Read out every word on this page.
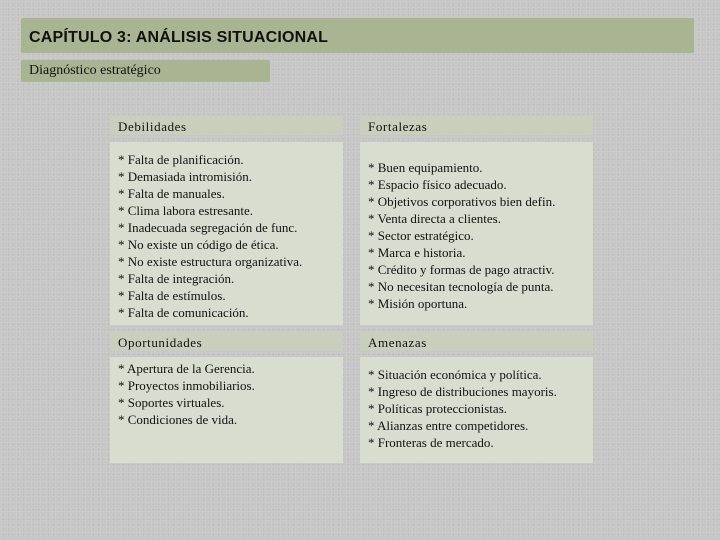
CAPÍTULO 3: ANÁLISIS SITUACIONAL
Diagnóstico estratégico
Debilidades
* Falta de planificación.
* Demasiada intromisión.
* Falta de manuales.
* Clima labora estresante.
* Inadecuada segregación de func.
* No existe un código de ética.
* No existe estructura organizativa.
* Falta de integración.
* Falta de estímulos.
* Falta de comunicación.
Fortalezas
* Buen equipamiento.
* Espacio físico adecuado.
* Objetivos corporativos bien defin.
* Venta directa a clientes.
* Sector estratégico.
* Marca e historia.
* Crédito y formas de pago atractiv.
* No necesitan tecnología de punta.
* Misión oportuna.
Oportunidades
* Apertura de la Gerencia.
* Proyectos inmobiliarios.
* Soportes virtuales.
* Condiciones de vida.
Amenazas
* Situación económica y política.
* Ingreso de distribuciones mayoris.
* Políticas proteccionistas.
* Alianzas entre competidores.
* Fronteras de mercado.
